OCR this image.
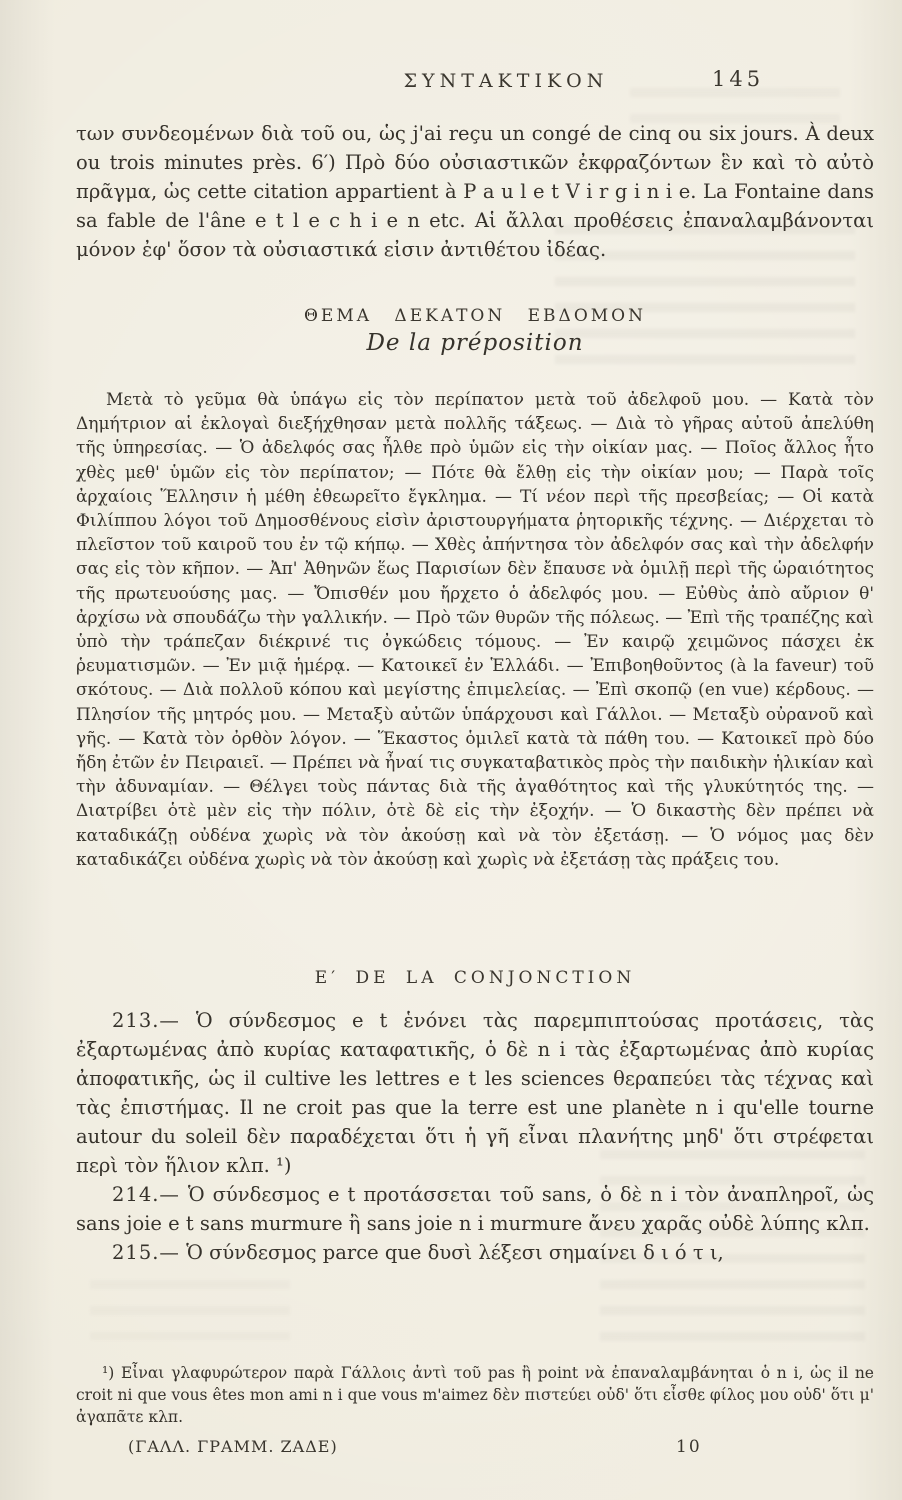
ΣΥΝΤΑΚΤΙΚΟΝ	145

των συνδεομένων διὰ τοῦ ou, ὡς j'ai reçu un congé de cinq ou six jours. À deux ou trois minutes près. 6′) Πρὸ δύο οὐσιαστικῶν ἐκφραζόντων ἓν καὶ τὸ αὐτὸ πρᾶγμα, ὡς cette citation appartient à P a u l e t V i r g i n i e. La Fontaine dans sa fable de l'âne e t l e c h i e n etc. Αἱ ἄλλαι προθέσεις ἐπαναλαμβάνονται μόνον ἐφ' ὅσον τὰ οὐσιαστικά εἰσιν ἀντιθέτου ἰδέας.

ΘΕΜΑ ΔΕΚΑΤΟΝ ΕΒΔΟΜΟΝ
De la préposition

Μετὰ τὸ γεῦμα θὰ ὑπάγω εἰς τὸν περίπατον μετὰ τοῦ ἀδελφοῦ μου. — Κατὰ τὸν Δημήτριον αἱ ἐκλογαὶ διεξήχθησαν μετὰ πολλῆς τάξεως. — Διὰ τὸ γῆρας αὐτοῦ ἀπελύθη τῆς ὑπηρεσίας. — Ὁ ἀδελφός σας ἦλθε πρὸ ὑμῶν εἰς τὴν οἰκίαν μας. — Ποῖος ἄλλος ἦτο χθὲς μεθ' ὑμῶν εἰς τὸν περίπατον; — Πότε θὰ ἔλθῃ εἰς τὴν οἰκίαν μου; — Παρὰ τοῖς ἀρχαίοις Ἕλλησιν ἡ μέθη ἐθεωρεῖτο ἔγκλημα. — Τί νέον περὶ τῆς πρεσβείας; — Οἱ κατὰ Φιλίππου λόγοι τοῦ Δημοσθένους εἰσὶν ἀριστουργήματα ῥητορικῆς τέχνης. — Διέρχεται τὸ πλεῖστον τοῦ καιροῦ του ἐν τῷ κήπῳ. — Χθὲς ἀπήντησα τὸν ἀδελφόν σας καὶ τὴν ἀδελφήν σας εἰς τὸν κῆπον. — Ἀπ' Ἀθηνῶν ἕως Παρισίων δὲν ἔπαυσε νὰ ὁμιλῇ περὶ τῆς ὡραιότητος τῆς πρωτευούσης μας. — Ὄπισθέν μου ἤρχετο ὁ ἀδελφός μου. — Εὐθὺς ἀπὸ αὔριον θ' ἀρχίσω νὰ σπουδάζω τὴν γαλλικήν. — Πρὸ τῶν θυρῶν τῆς πόλεως. — Ἐπὶ τῆς τραπέζης καὶ ὑπὸ τὴν τράπεζαν διέκρινέ τις ὀγκώδεις τόμους. — Ἐν καιρῷ χειμῶνος πάσχει ἐκ ῥευματισμῶν. — Ἐν μιᾷ ἡμέρᾳ. — Κατοικεῖ ἐν Ἑλλάδι. — Ἐπιβοηθοῦντος (à la faveur) τοῦ σκότους. — Διὰ πολλοῦ κόπου καὶ μεγίστης ἐπιμελείας. — Ἐπὶ σκοπῷ (en vue) κέρδους. — Πλησίον τῆς μητρός μου. — Μεταξὺ αὐτῶν ὑπάρχουσι καὶ Γάλλοι. — Μεταξὺ οὐρανοῦ καὶ γῆς. — Κατὰ τὸν ὀρθὸν λόγον. — Ἕκαστος ὁμιλεῖ κατὰ τὰ πάθη του. — Κατοικεῖ πρὸ δύο ἤδη ἐτῶν ἐν Πειραιεῖ. — Πρέπει νὰ ἦναί τις συγκαταβατικὸς πρὸς τὴν παιδικὴν ἡλικίαν καὶ τὴν ἀδυναμίαν. — Θέλγει τοὺς πάντας διὰ τῆς ἀγαθότητος καὶ τῆς γλυκύτητός της. — Διατρίβει ὁτὲ μὲν εἰς τὴν πόλιν, ὁτὲ δὲ εἰς τὴν ἐξοχήν. — Ὁ δικαστὴς δὲν πρέπει νὰ καταδικάζῃ οὐδένα χωρὶς νὰ τὸν ἀκούσῃ καὶ νὰ τὸν ἐξετάσῃ. — Ὁ νόμος μας δὲν καταδικάζει οὐδένα χωρὶς νὰ τὸν ἀκούσῃ καὶ χωρὶς νὰ ἐξετάσῃ τὰς πράξεις του.

Ε′ DE LA CONJONCTION

213.— Ὁ σύνδεσμος e t ἑνόνει τὰς παρεμπιπτούσας προτάσεις, τὰς ἐξαρτωμένας ἀπὸ κυρίας καταφατικῆς, ὁ δὲ n i τὰς ἐξαρτωμένας ἀπὸ κυρίας ἀποφατικῆς, ὡς il cultive les lettres e t les sciences θεραπεύει τὰς τέχνας καὶ τὰς ἐπιστήμας. Il ne croit pas que la terre est une planète n i qu'elle tourne autour du soleil δὲν παραδέχεται ὅτι ἡ γῆ εἶναι πλανήτης μηδ' ὅτι στρέφεται περὶ τὸν ἥλιον κλπ. ¹)

214.— Ὁ σύνδεσμος e t προτάσσεται τοῦ sans, ὁ δὲ n i τὸν ἀναπληροῖ, ὡς sans joie e t sans murmure ἢ sans joie n i murmure ἄνευ χαρᾶς οὐδὲ λύπης κλπ.

215.— Ὁ σύνδεσμος parce que δυσὶ λέξεσι σημαίνει δ ι ό τ ι,

¹) Εἶναι γλαφυρώτερον παρὰ Γάλλοις ἀντὶ τοῦ pas ἢ point νὰ ἐπαναλαμβάνηται ὁ n i, ὡς il ne croit ni que vous êtes mon ami n i que vous m'aimez δὲν πιστεύει οὐδ' ὅτι εἶσθε φίλος μου οὐδ' ὅτι μ' ἀγαπᾶτε κλπ.
(ΓΑΛΛ. ΓΡΑΜΜ. ΖΑΔΕ)	10
